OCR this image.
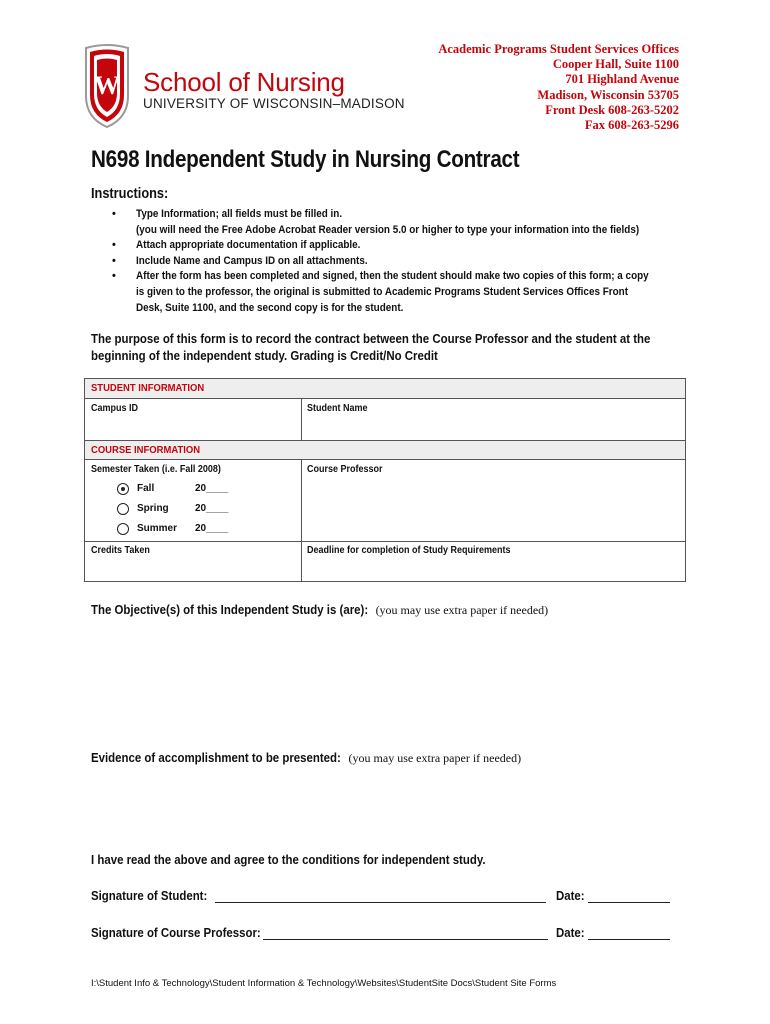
W School of Nursing
UNIVERSITY OF WISCONSIN–MADISON
Academic Programs Student Services Offices
Cooper Hall, Suite 1100
701 Highland Avenue
Madison, Wisconsin 53705
Front Desk 608-263-5202
Fax 608-263-5296
N698 Independent Study in Nursing Contract
Instructions:
• Type Information; all fields must be filled in.
(you will need the Free Adobe Acrobat Reader version 5.0 or higher to type your information into the fields)
• Attach appropriate documentation if applicable.
• Include Name and Campus ID on all attachments.
• After the form has been completed and signed, then the student should make two copies of this form; a copy
is given to the professor, the original is submitted to Academic Programs Student Services Offices Front
Desk, Suite 1100, and the second copy is for the student.
The purpose of this form is to record the contract between the Course Professor and the student at the
beginning of the independent study. Grading is Credit/No Credit
STUDENT INFORMATION
Campus ID	Student Name
COURSE INFORMATION
Semester Taken (i.e. Fall 2008)	Course Professor
Fall	20____
Spring	20____
Summer 20____
Credits Taken	Deadline for completion of Study Requirements
The Objective(s) of this Independent Study is (are): (you may use extra paper if needed)
Evidence of accomplishment to be presented: (you may use extra paper if needed)
I have read the above and agree to the conditions for independent study.
Signature of Student:	Date:
Signature of Course Professor:	Date:
I:\Student Info & Technology\Student Information & Technology\Websites\StudentSite Docs\Student Site Forms
